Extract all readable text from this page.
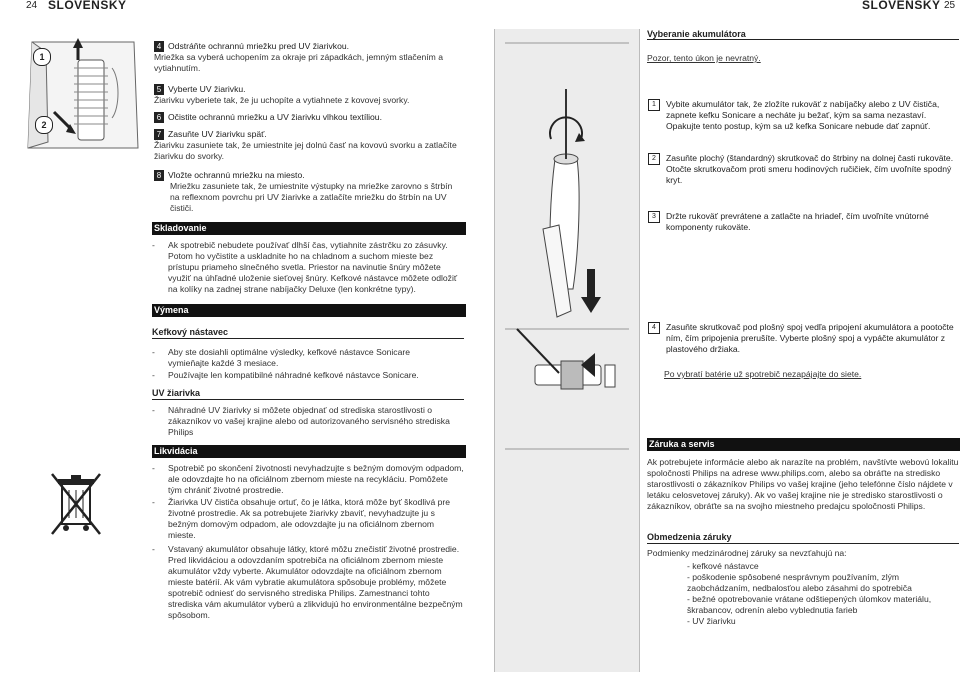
24 SLOVENSKY	SLOVENSKY 25
1
2
4 Odstráňte ochrannú mriežku pred UV žiarivkou.
Mriežka sa vyberá uchopením za okraje pri západkách, jemným stlačením a vytiahnutím.
5 Vyberte UV žiarivku.
Žiarivku vyberiete tak, že ju uchopíte a vytiahnete z kovovej svorky.
6 Očistite ochrannú mriežku a UV žiarivku vlhkou textíliou.
7 Zasuňte UV žiarivku späť.
Žiarivku zasuniete tak, že umiestnite jej dolnú časť na kovovú svorku a zatlačíte žiarivku do svorky.
8 Vložte ochrannú mriežku na miesto.
Mriežku zasuniete tak, že umiestnite výstupky na mriežke zarovno s štrbín na reflexnom povrchu pri UV žiarivke a zatlačíte mriežku do štrbín na UV čističi.
Skladovanie
- Ak spotrebič nebudete používať dlhší čas, vytiahnite zástrčku zo zásuvky. Potom ho vyčistite a uskladnite ho na chladnom a suchom mieste bez prístupu priameho slnečného svetla. Priestor na navinutie šnúry môžete využiť na úhľadné uloženie sieťovej šnúry. Kefkové nástavce môžete odložiť na kolíky na zadnej strane nabíjačky Deluxe (len konkrétne typy).
Výmena
Kefkový nástavec
- Aby ste dosiahli optimálne výsledky, kefkové nástavce Sonicare vymieňajte každé 3 mesiace.
- Používajte len kompatibilné náhradné kefkové nástavce Sonicare.
UV žiarivka
- Náhradné UV žiarivky si môžete objednať od strediska starostlivosti o zákazníkov vo vašej krajine alebo od autorizovaného servisného strediska Philips
Likvidácia
- Spotrebič po skončení životnosti nevyhadzujte s bežným domovým odpadom, ale odovzdajte ho na oficiálnom zbernom mieste na recykláciu. Pomôžete tým chrániť životné prostredie.
- Žiarivka UV čističa obsahuje ortuť, čo je látka, ktorá môže byť škodlivá pre životné prostredie. Ak sa potrebujete žiarivky zbaviť, nevyhadzujte ju s bežným domovým odpadom, ale odovzdajte ju na oficiálnom zbernom mieste.
- Vstavaný akumulátor obsahuje látky, ktoré môžu znečistiť životné prostredie. Pred likvidáciou a odovzdaním spotrebiča na oficiálnom zbernom mieste akumulátor vždy vyberte. Akumulátor odovzdajte na oficiálnom zbernom mieste batérií. Ak vám vybratie akumulátora spôsobuje problémy, môžete spotrebič odniesť do servisného strediska Philips. Zamestnanci tohto strediska vám akumulátor vyberú a zlikvidujú ho environmentálne bezpečným spôsobom.
Vyberanie akumulátora
Pozor, tento úkon je nevratný.
1 Vybite akumulátor tak, že zložíte rukoväť z nabíjačky alebo z UV čističa, zapnete kefku Sonicare a necháte ju bežať, kým sa sama nezastaví. Opakujte tento postup, kým sa už kefka Sonicare nebude dať zapnúť.
2 Zasuňte plochý (štandardný) skrutkovač do štrbiny na dolnej časti rukoväte. Otočte skrutkovačom proti smeru hodinových ručičiek, čím uvoľníte spodný kryt.
3 Držte rukoväť prevrátene a zatlačte na hriadeľ, čím uvoľníte vnútorné komponenty rukoväte.
4 Zasuňte skrutkovač pod plošný spoj vedľa pripojení akumulátora a pootočte ním, čím pripojenia prerušíte. Vyberte plošný spoj a vypáčte akumulátor z plastového držiaka.
Po vybratí batérie už spotrebič nezapájajte do siete.
Záruka a servis
Ak potrebujete informácie alebo ak narazíte na problém, navštívte webovú lokalitu spoločnosti Philips na adrese www.philips.com, alebo sa obráťte na stredisko starostlivosti o zákazníkov Philips vo vašej krajine (jeho telefónne číslo nájdete v letáku celosvetovej záruky). Ak vo vašej krajine nie je stredisko starostlivosti o zákazníkov, obráťte sa na svojho miestneho predajcu spoločnosti Philips.
Obmedzenia záruky
Podmienky medzinárodnej záruky sa nevzťahujú na:
- kefkové nástavce
- poškodenie spôsobené nesprávnym používaním, zlým zaobchádzaním, nedbalosťou alebo zásahmi do spotrebiča
- bežné opotrebovanie vrátane odštiepených úlomkov materiálu, škrabancov, odrenín alebo vyblednutia farieb
- UV žiarivku
